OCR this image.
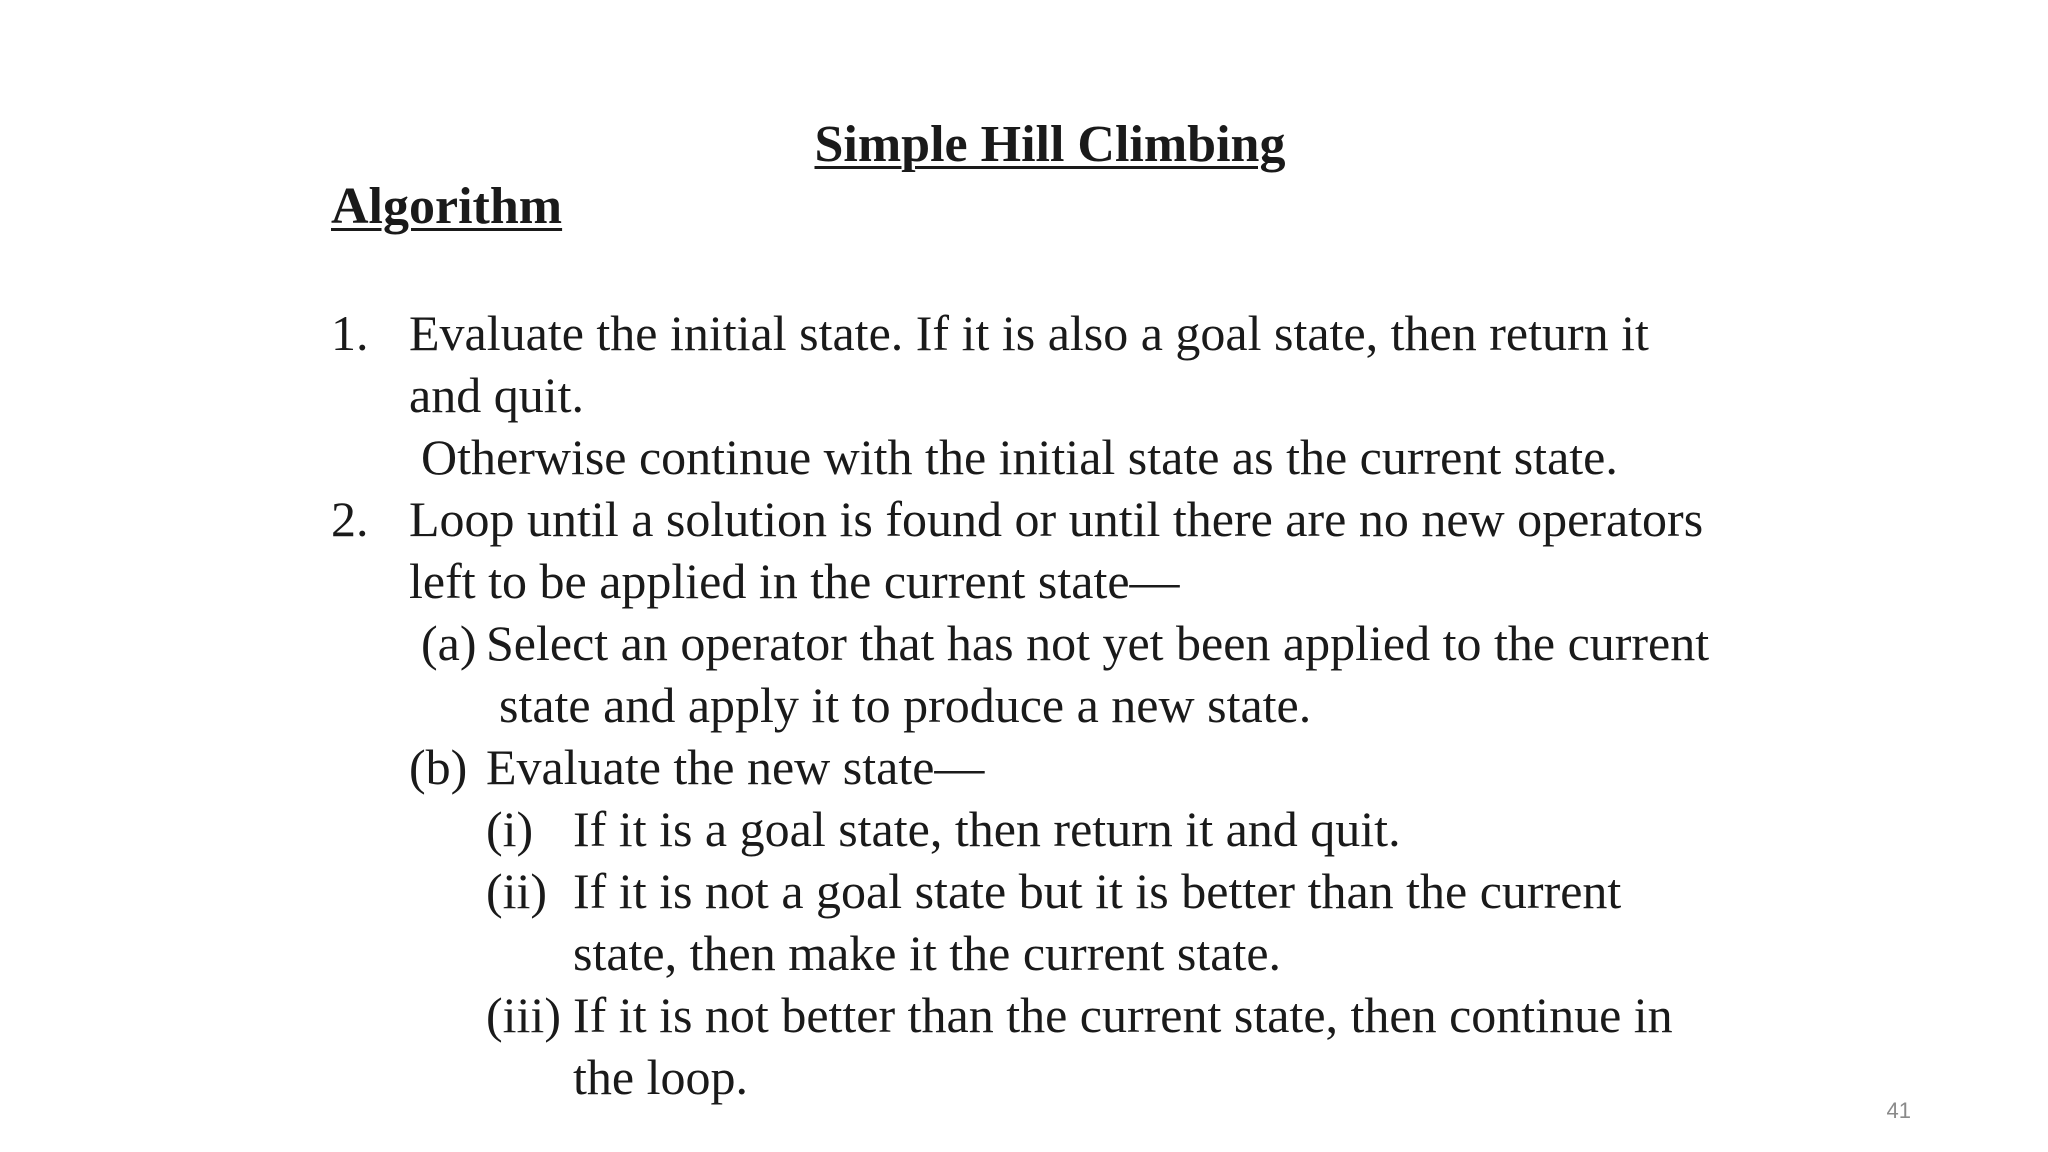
Simple Hill Climbing
Algorithm
1. Evaluate the initial state. If it is also a goal state, then return it
and quit.
Otherwise continue with the initial state as the current state.
2. Loop until a solution is found or until there are no new operators
left to be applied in the current state—
(a) Select an operator that has not yet been applied to the current
state and apply it to produce a new state.
(b) Evaluate the new state—
(i) If it is a goal state, then return it and quit.
(ii) If it is not a goal state but it is better than the current
state, then make it the current state.
(iii) If it is not better than the current state, then continue in
the loop.
41
